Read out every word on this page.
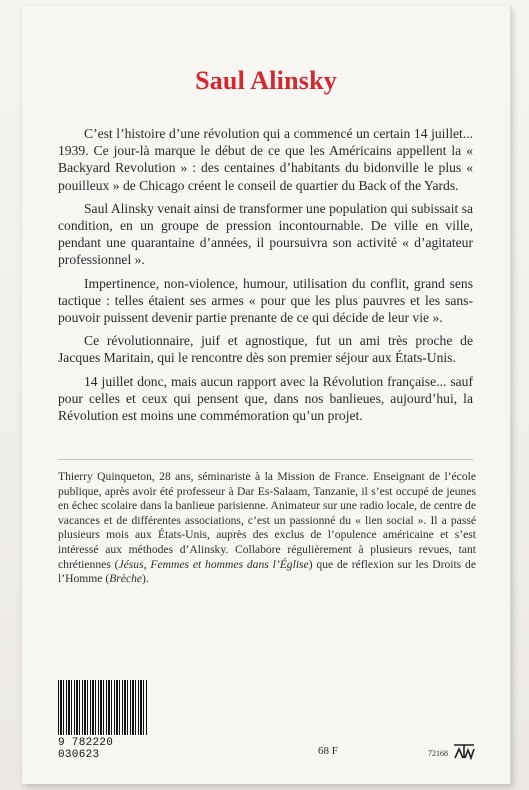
Saul Alinsky

C’est l’histoire d’une révolution qui a commencé un certain 14 juillet... 1939. Ce jour-là marque le début de ce que les Américains appellent la « Backyard Revolution » : des centaines d’habitants du bidonville le plus « pouilleux » de Chicago créent le conseil de quartier du Back of the Yards.

Saul Alinsky venait ainsi de transformer une population qui subissait sa condition, en un groupe de pression incontournable. De ville en ville, pendant une quarantaine d’années, il poursuivra son activité « d’agitateur professionnel ».

Impertinence, non-violence, humour, utilisation du conflit, grand sens tactique : telles étaient ses armes « pour que les plus pauvres et les sans-pouvoir puissent devenir partie prenante de ce qui décide de leur vie ».

Ce révolutionnaire, juif et agnostique, fut un ami très proche de Jacques Maritain, qui le rencontre dès son premier séjour aux États-Unis.

14 juillet donc, mais aucun rapport avec la Révolution française... sauf pour celles et ceux qui pensent que, dans nos banlieues, aujourd’hui, la Révolution est moins une commémoration qu’un projet.

Thierry Quinqueton, 28 ans, séminariste à la Mission de France. Enseignant de l’école publique, après avoir été professeur à Dar Es-Salaam, Tanzanie, il s’est occupé de jeunes en échec scolaire dans la banlieue parisienne. Animateur sur une radio locale, de centre de vacances et de différentes associations, c’est un passionné du « lien social ». Il a passé plusieurs mois aux États-Unis, auprès des exclus de l’opulence américaine et s’est intéressé aux méthodes d’Alinsky. Collabore régulièrement à plusieurs revues, tant chrétiennes (Jésus, Femmes et hommes dans l’Église) que de réflexion sur les Droits de l’Homme (Brèche).
9 782220 030623	68 F	72168
